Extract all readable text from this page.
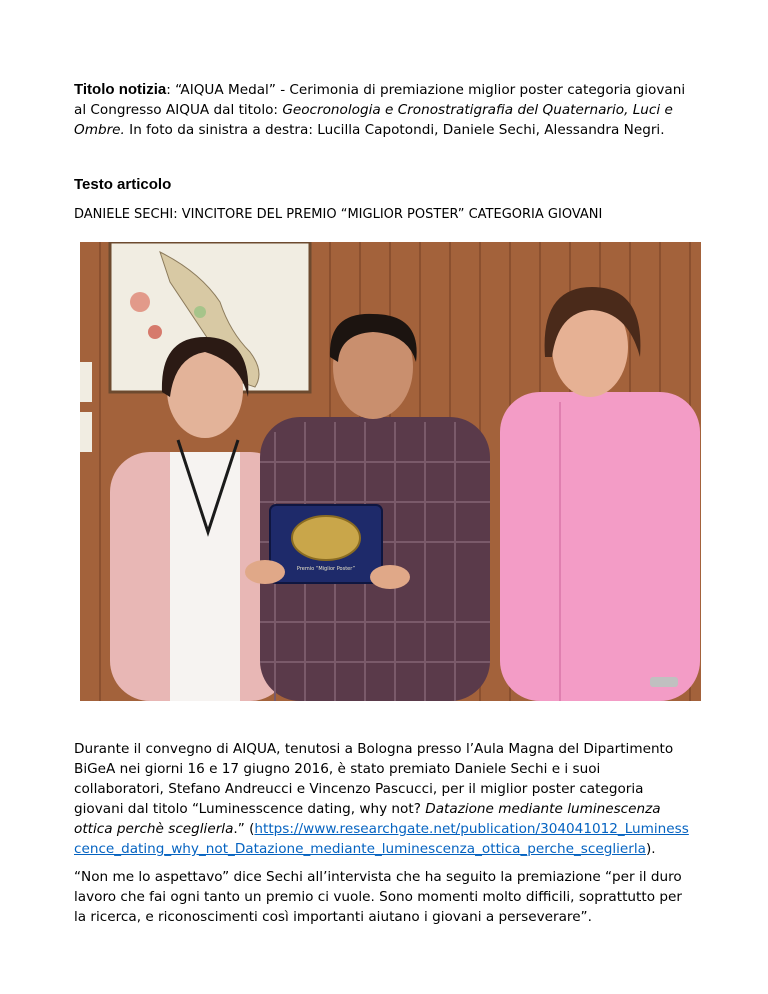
Titolo notizia: “AIQUA Medal” - Cerimonia di premiazione miglior poster categoria giovani al Congresso AIQUA dal titolo: Geocronologia e Cronostratigrafia del Quaternario, Luci e Ombre. In foto da sinistra a destra: Lucilla Capotondi, Daniele Sechi, Alessandra Negri.

Testo articolo
DANIELE SECHI: VINCITORE DEL PREMIO “MIGLIOR POSTER” CATEGORIA GIOVANI
Premio “Miglior Poster”

Durante il convegno di AIQUA, tenutosi a Bologna presso l’Aula Magna del Dipartimento BiGeA nei giorni 16 e 17 giugno 2016, è stato premiato Daniele Sechi e i suoi collaboratori, Stefano Andreucci e Vincenzo Pascucci, per il miglior poster categoria giovani dal titolo “Luminesscence dating, why not? Datazione mediante luminescenza ottica perchè sceglierla.” (https://www.researchgate.net/publication/304041012_Luminesscence_dating_why_not_Datazione_mediante_luminescenza_ottica_perche_sceglierla).

“Non me lo aspettavo” dice Sechi all’intervista che ha seguito la premiazione “per il duro lavoro che fai ogni tanto un premio ci vuole. Sono momenti molto difficili, soprattutto per la ricerca, e riconoscimenti così importanti aiutano i giovani a perseverare”.
